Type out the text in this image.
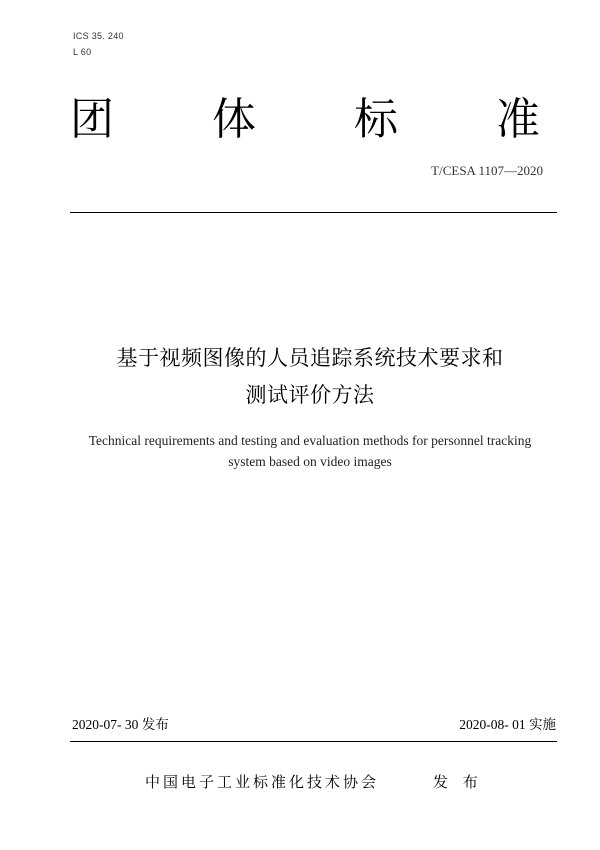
ICS 35. 240
L 60
团 体 标 准
T/CESA 1107—2020
基于视频图像的人员追踪系统技术要求和
测试评价方法
Technical requirements and testing and evaluation methods for personnel tracking
system based on video images
2020-07- 30 发布	2020-08- 01 实施
中国电子工业标准化技术协会	发 布
